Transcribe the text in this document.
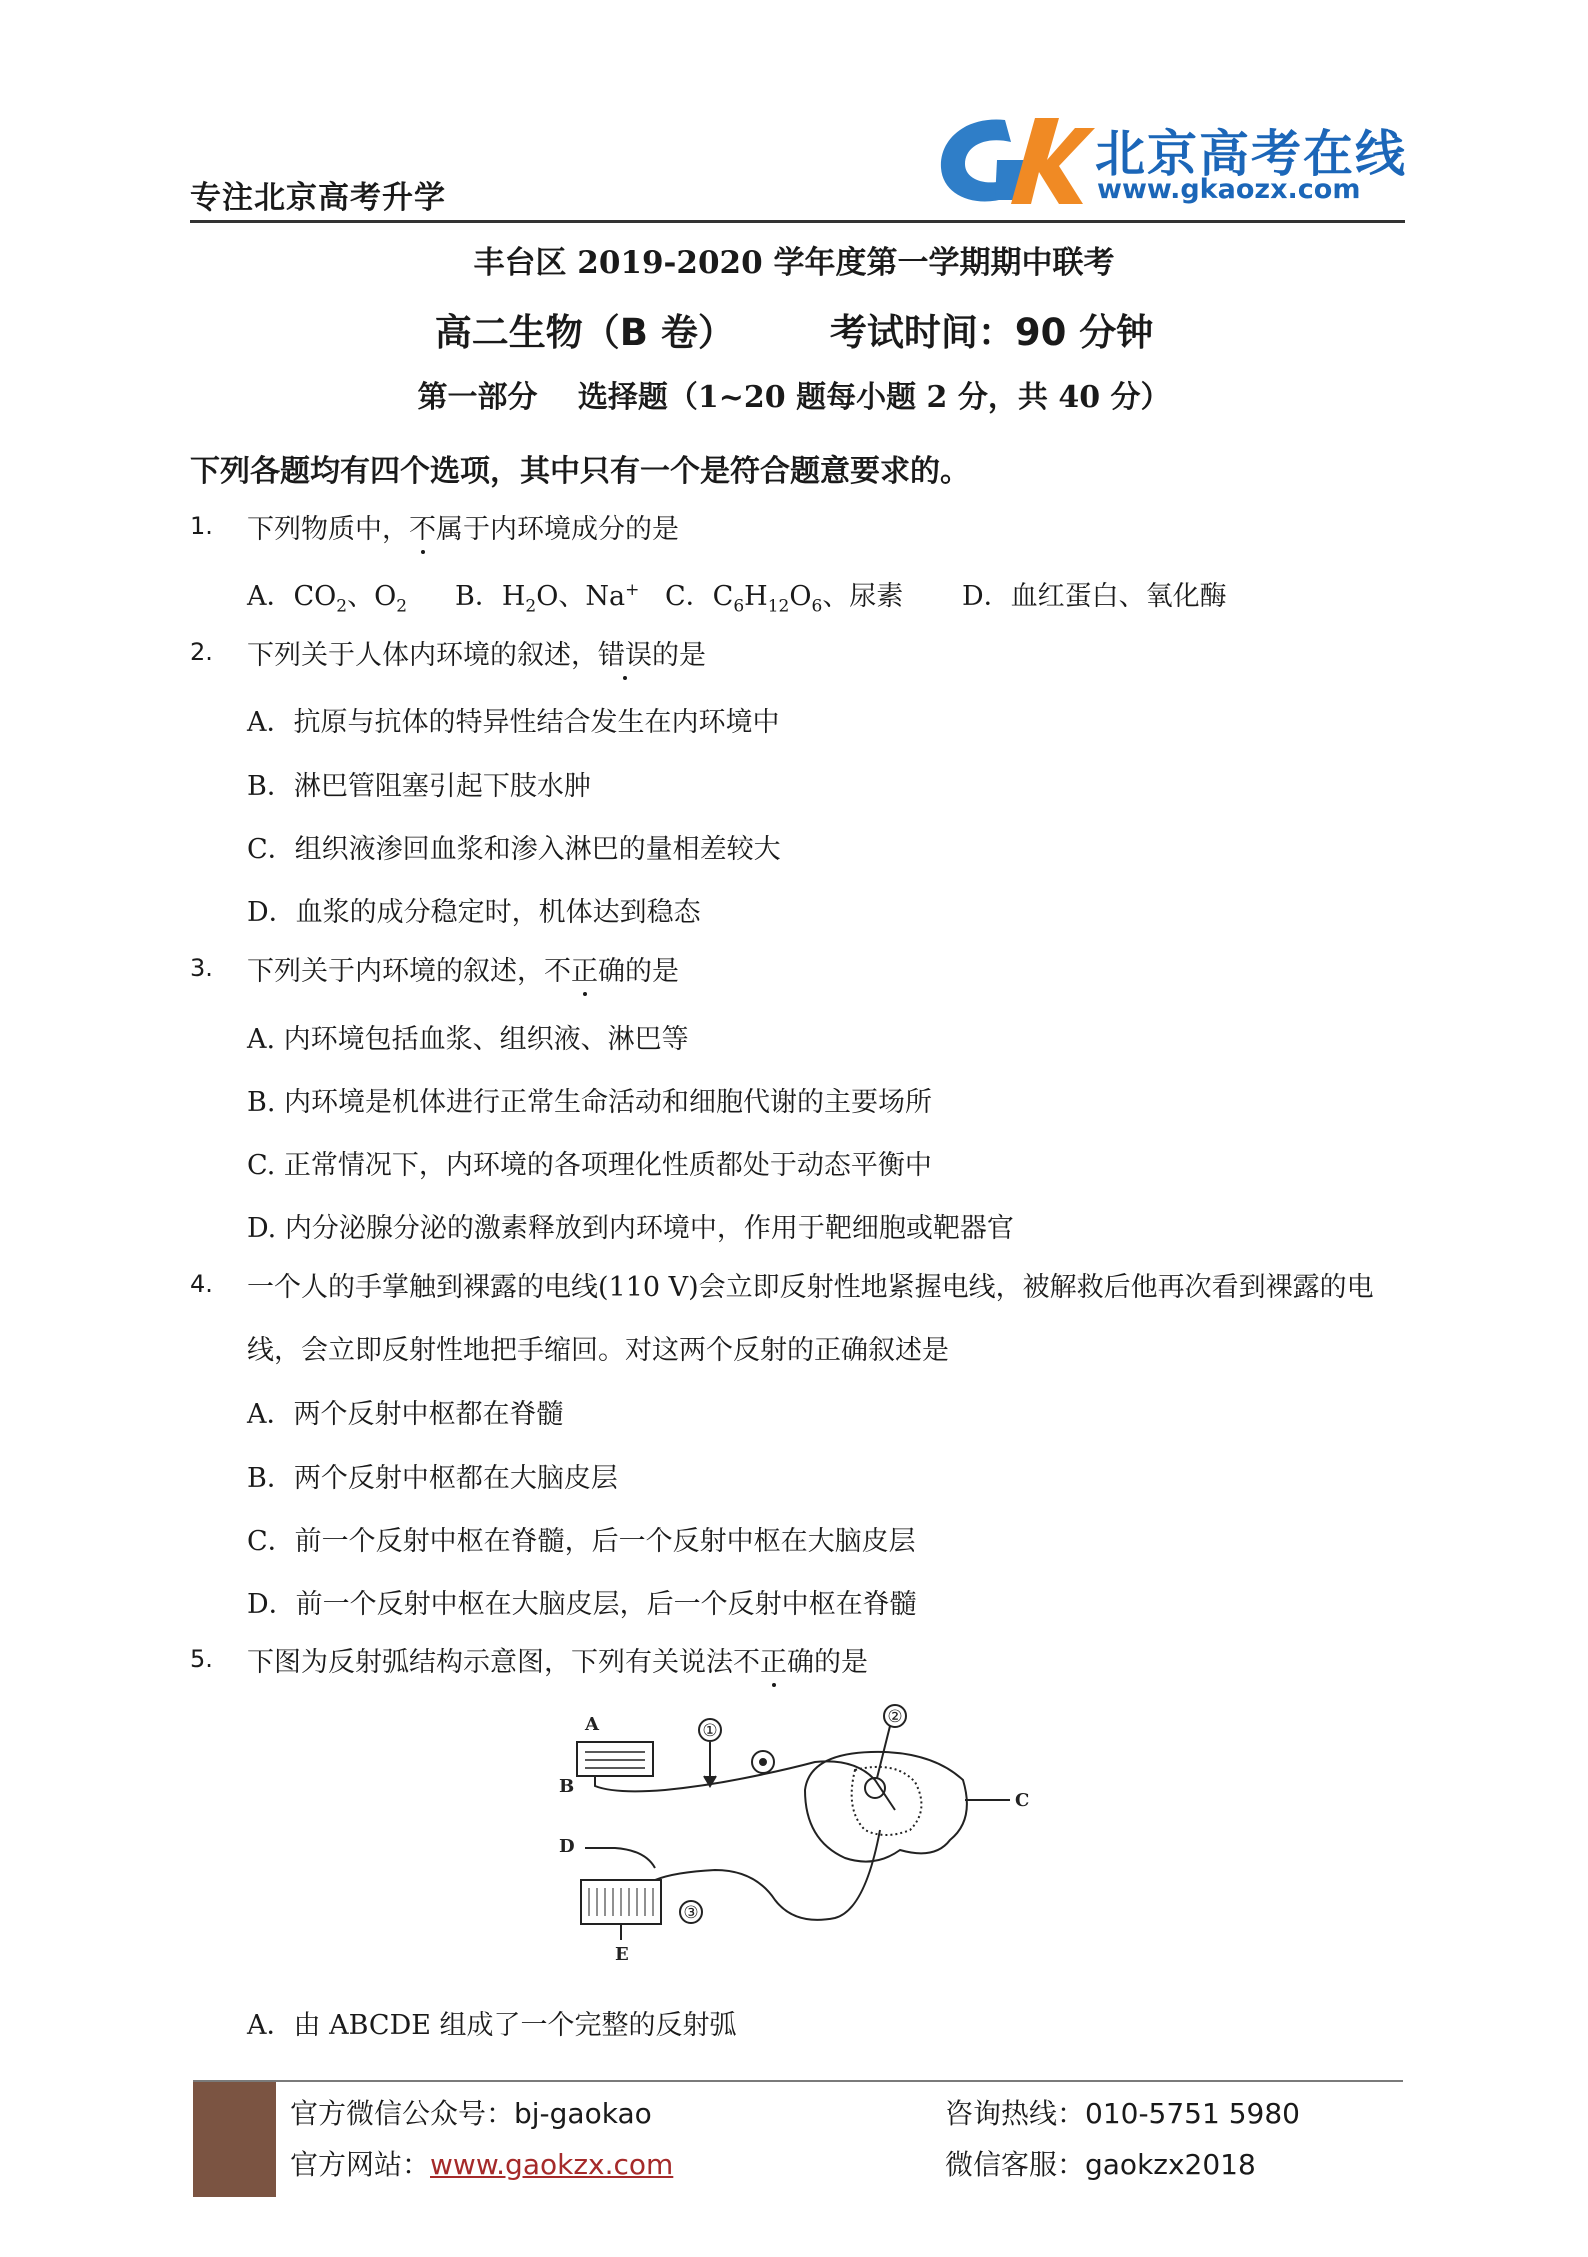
专注北京高考升学
北京高考在线
www.gkaozx.com
丰台区 2019-2020 学年度第一学期期中联考
高二生物（B 卷）	考试时间：90 分钟
第一部分　 选择题（1~20 题每小题 2 分，共 40 分）
下列各题均有四个选项，其中只有一个是符合题意要求的。
1. 下列物质中，不属于内环境成分的是
A．$CO_2$、$O_2$ B．$H_2O$、Na+ C．$C_6H_{12}O_6$、尿素 D．血红蛋白、氧化酶
2. 下列关于人体内环境的叙述，错误的是
A．抗原与抗体的特异性结合发生在内环境中
B．淋巴管阻塞引起下肢水肿
C．组织液渗回血浆和渗入淋巴的量相差较大
D．血浆的成分稳定时，机体达到稳态
3. 下列关于内环境的叙述，不正确的是
A. 内环境包括血浆、组织液、淋巴等
B. 内环境是机体进行正常生命活动和细胞代谢的主要场所
C. 正常情况下，内环境的各项理化性质都处于动态平衡中
D. 内分泌腺分泌的激素释放到内环境中，作用于靶细胞或靶器官
4. 一个人的手掌触到裸露的电线(110 V)会立即反射性地紧握电线，被解救后他再次看到裸露的电
线，会立即反射性地把手缩回。对这两个反射的正确叙述是
A．两个反射中枢都在脊髓
B．两个反射中枢都在大脑皮层
C．前一个反射中枢在脊髓，后一个反射中枢在大脑皮层
D．前一个反射中枢在大脑皮层，后一个反射中枢在脊髓
5. 下图为反射弧结构示意图，下列有关说法不正确的是
A
B
C
D
E
①
②
③
A．由 ABCDE 组成了一个完整的反射弧
官方微信公众号：bj-gaokao
官方网站：www.gaokzx.com
咨询热线：010-5751 5980
微信客服：gaokzx2018
